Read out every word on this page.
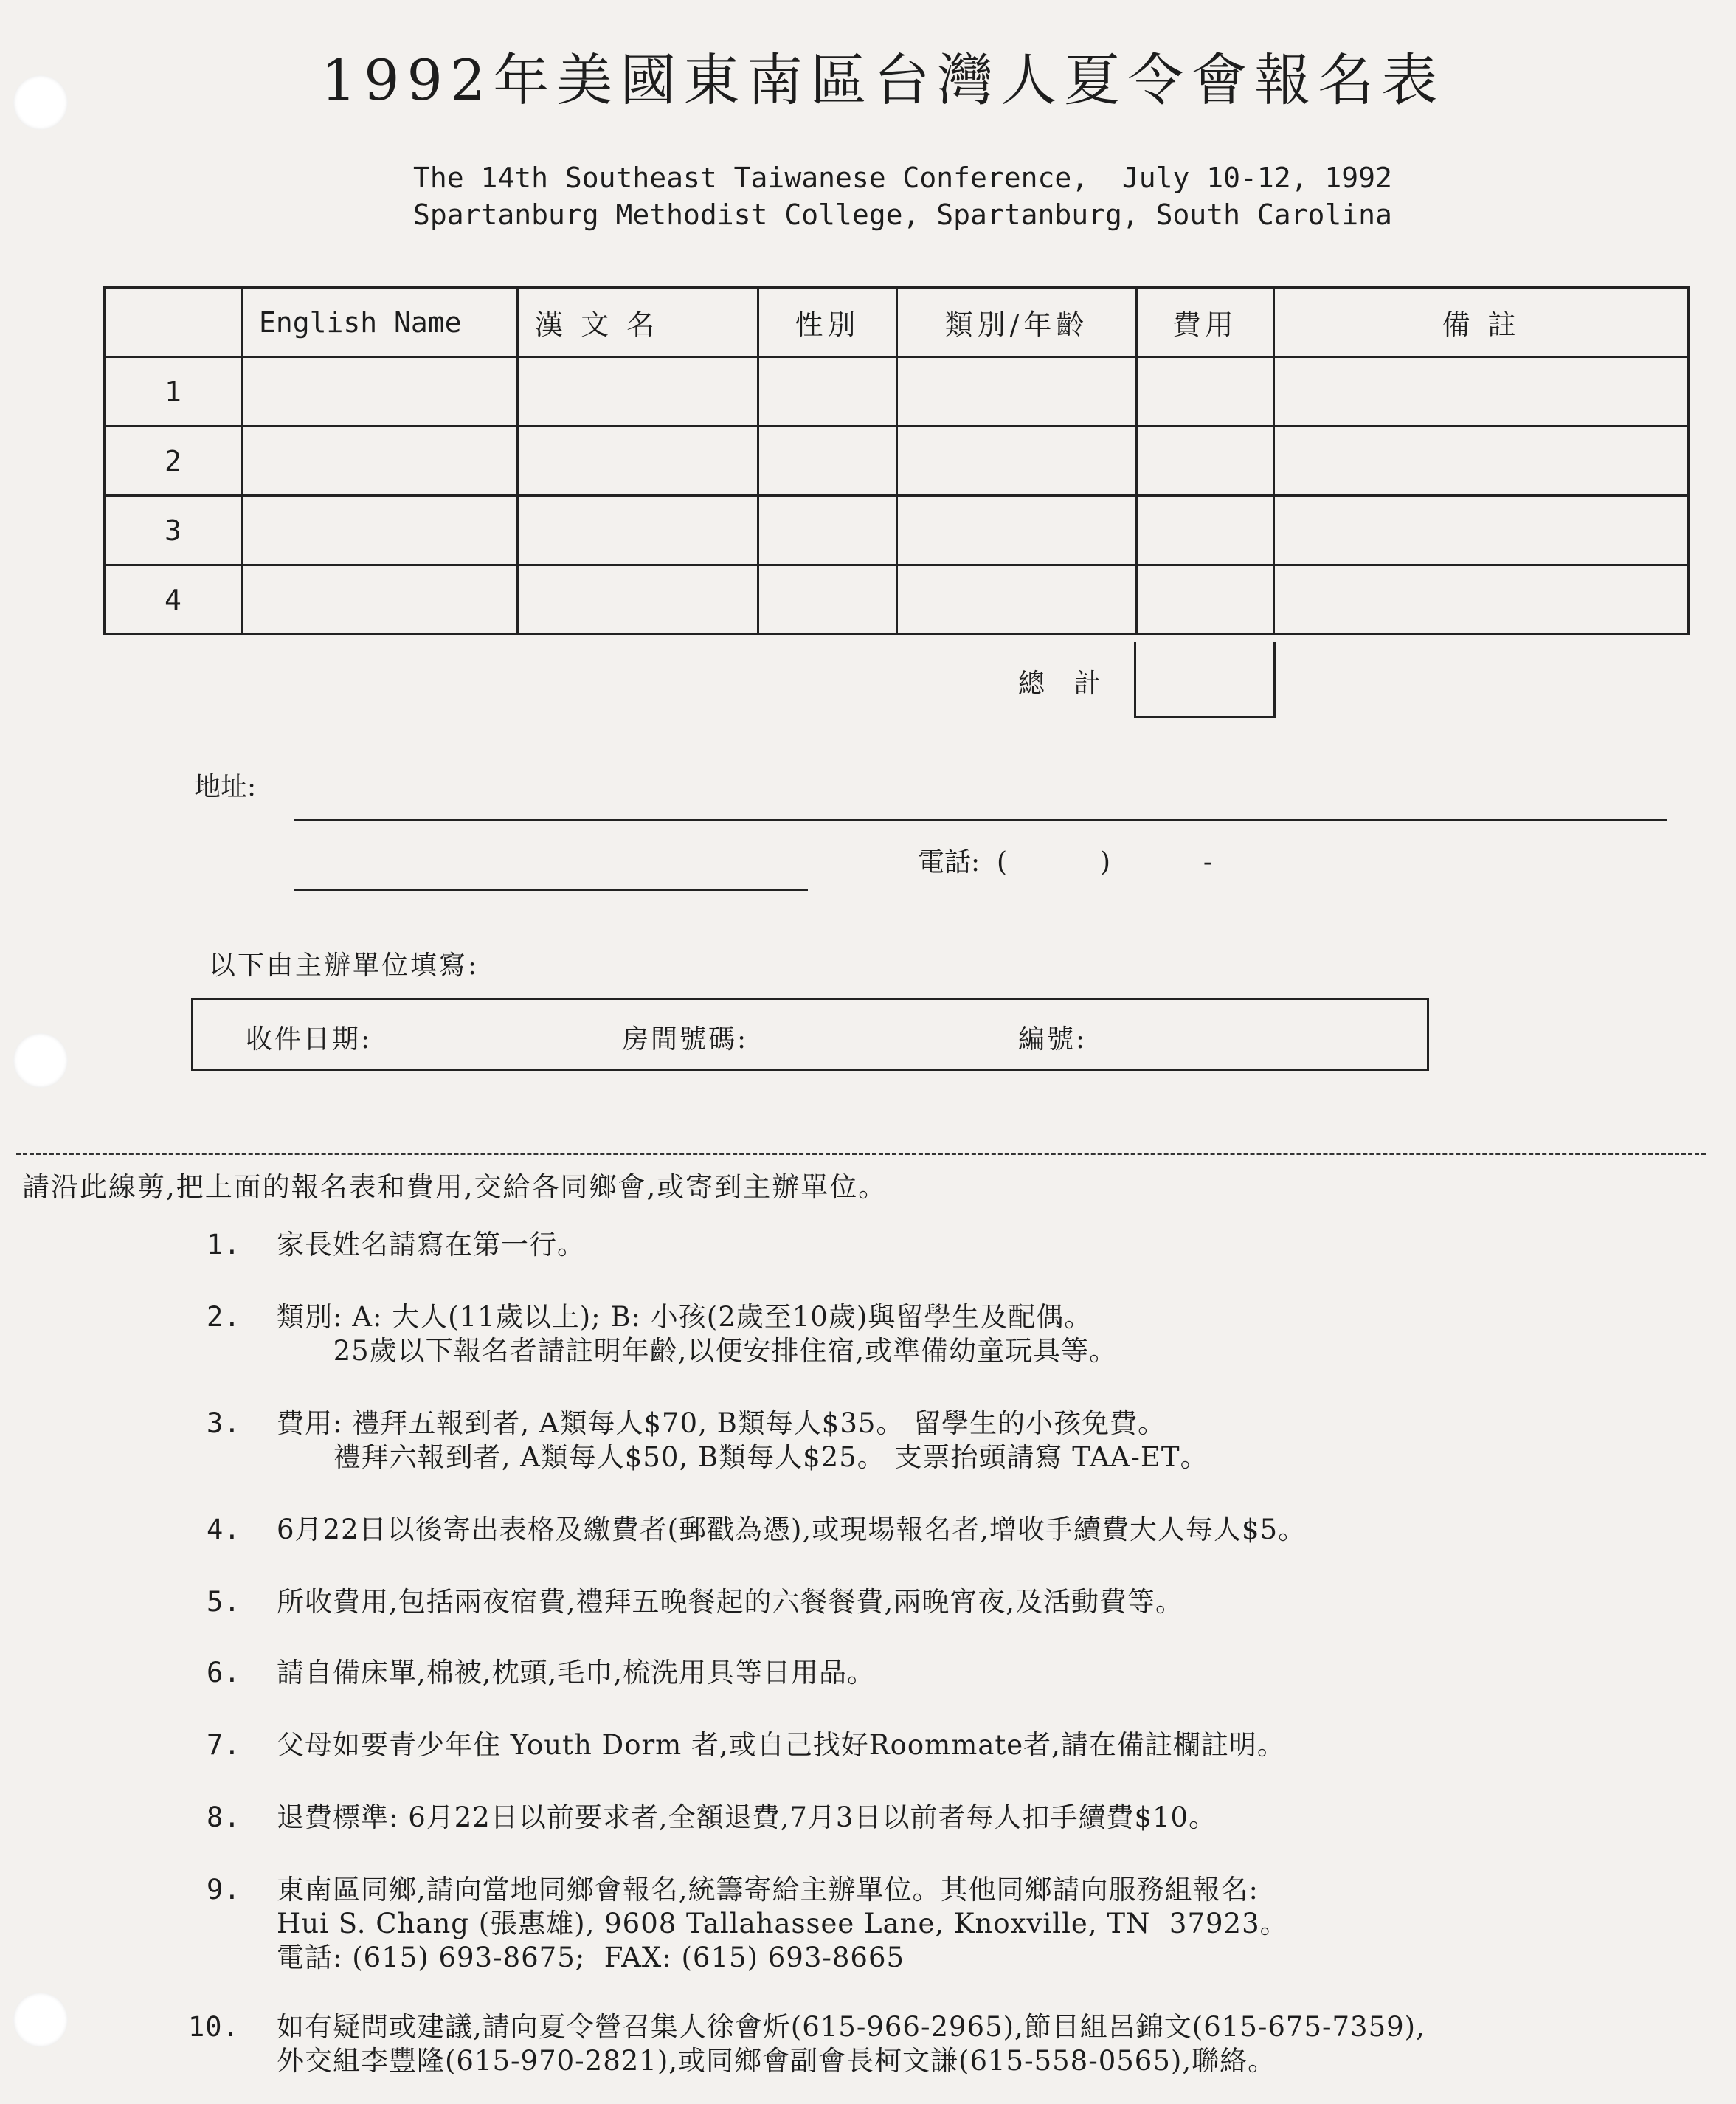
1992年美國東南區台灣人夏令會報名表
The 14th Southeast Taiwanese Conference,  July 10-12, 1992
Spartanburg Methodist College, Spartanburg, South Carolina
	English Name	漢 文 名	性別	類別/年齡	費用	備 註
1						
2						
3						
4						
總 計
地址:
電話: (	)	-
以下由主辦單位填寫:
收件日期:	房間號碼:	編號:
請沿此線剪,把上面的報名表和費用,交給各同鄉會,或寄到主辦單位。
1. 家長姓名請寫在第一行。
2. 類別: A: 大人(11歲以上); B: 小孩(2歲至10歲)與留學生及配偶。
25歲以下報名者請註明年齡,以便安排住宿,或準備幼童玩具等。
3. 費用: 禮拜五報到者, A類每人$70, B類每人$35。 留學生的小孩免費。
禮拜六報到者, A類每人$50, B類每人$25。 支票抬頭請寫 TAA-ET。
4. 6月22日以後寄出表格及繳費者(郵戳為憑),或現場報名者,增收手續費大人每人$5。
5. 所收費用,包括兩夜宿費,禮拜五晚餐起的六餐餐費,兩晚宵夜,及活動費等。
6. 請自備床單,棉被,枕頭,毛巾,梳洗用具等日用品。
7. 父母如要青少年住 Youth Dorm 者,或自己找好Roommate者,請在備註欄註明。
8. 退費標準: 6月22日以前要求者,全額退費,7月3日以前者每人扣手續費$10。
9. 東南區同鄉,請向當地同鄉會報名,統籌寄給主辦單位。其他同鄉請向服務組報名:
Hui S. Chang (張惠雄), 9608 Tallahassee Lane, Knoxville, TN  37923。
電話: (615) 693-8675;  FAX: (615) 693-8665
10. 如有疑問或建議,請向夏令營召集人徐會炘(615-966-2965),節目組呂錦文(615-675-7359),
外交組李豐隆(615-970-2821),或同鄉會副會長柯文謙(615-558-0565),聯絡。
